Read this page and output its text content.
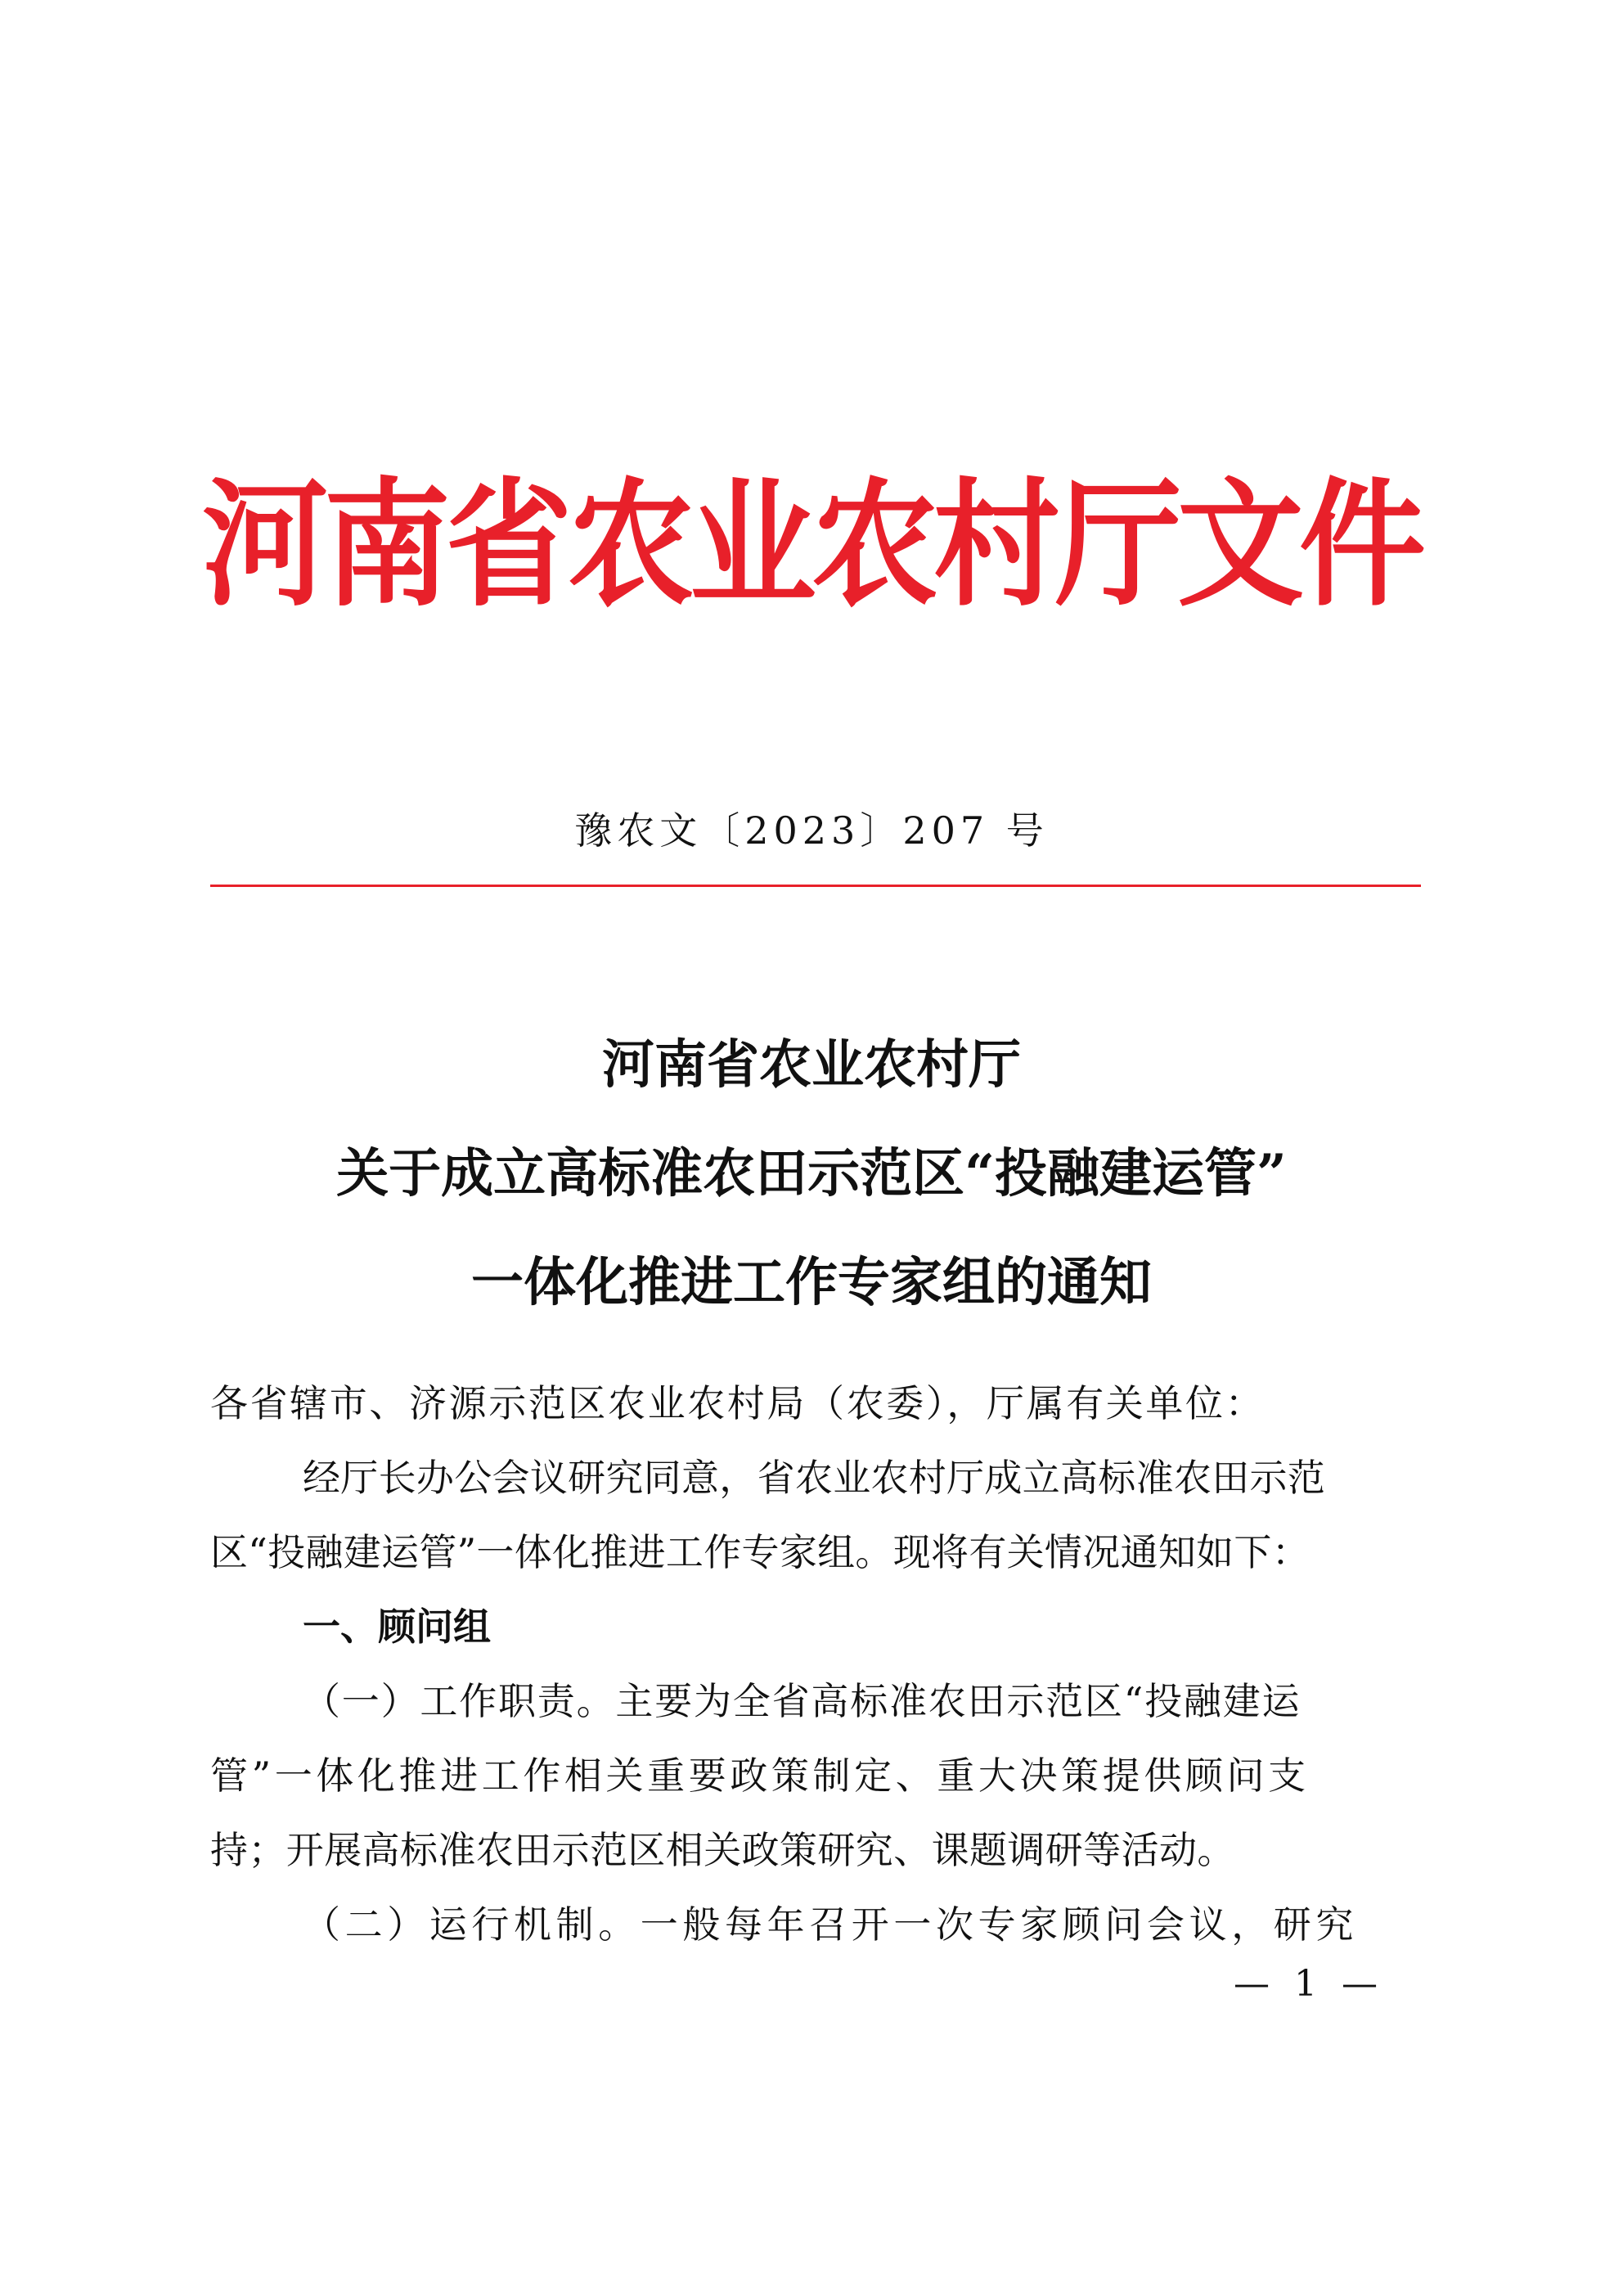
河南省农业农村厅文件
豫农文〔2023〕207 号
河南省农业农村厅
关于成立高标准农田示范区“投融建运管”
一体化推进工作专家组的通知
各省辖市、济源示范区农业农村局（农委），厅属有关单位：
经厅长办公会议研究同意，省农业农村厅成立高标准农田示范
区“投融建运管”一体化推进工作专家组。现将有关情况通知如下：
一、顾问组
（一）工作职责。主要为全省高标准农田示范区“投融建运
管”一体化推进工作相关重要政策制定、重大决策提供顾问支
持；开展高标准农田示范区相关政策研究、课题调研等活动。
（二）运行机制。一般每年召开一次专家顾问会议，研究
— 1 —
